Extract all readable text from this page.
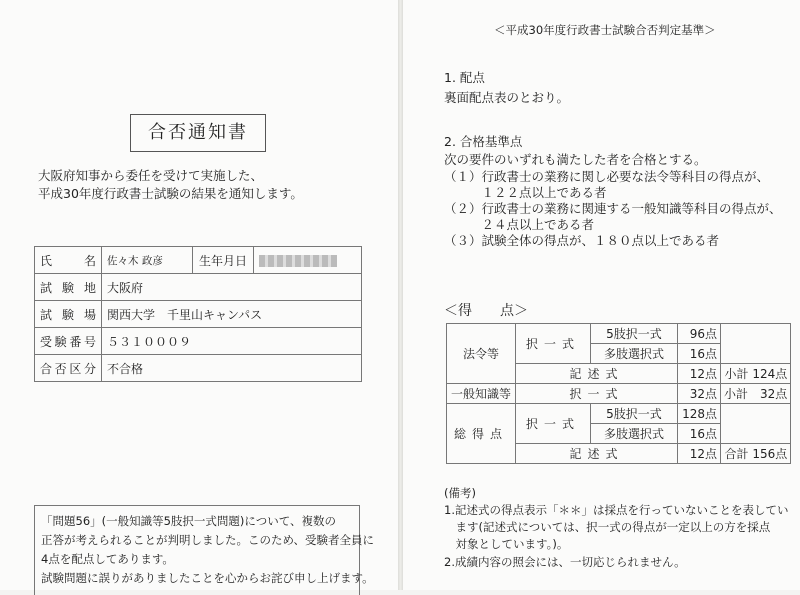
合否通知書
大阪府知事から委任を受けて実施した、
平成30年度行政書士試験の結果を通知します。
氏名	佐々木 政彦	生年月日	
試験地	大阪府		
試験場	関西大学　千里山キャンパス		
受験番号	５３１０００９		
合否区分	不合格		
「問題56」(一般知識等5肢択一式問題)について、複数の
正答が考えられることが判明しました。このため、受験者全員に
4点を配点してあります。
試験問題に誤りがありましたことを心からお詫び申し上げます。
＜平成30年度行政書士試験合否判定基準＞
1. 配点
裏面配点表のとおり。
2. 合格基準点
次の要件のいずれも満たした者を合格とする。
（１）行政書士の業務に関し必要な法令等科目の得点が、
　　　１２２点以上である者
（２）行政書士の業務に関連する一般知識等科目の得点が、
　　　２４点以上である者
（３）試験全体の得点が、１８０点以上である者
＜得　　点＞
法令等	択一式	5肢択一式	96点	
		多肢選択式	16点	
	記述式		12点	小計 124点
一般知識等	択一式		32点	小計　32点
総得点	択一式	5肢択一式	128点	
		多肢選択式	16点	
	記述式		12点	合計 156点
(備考)
1.記述式の得点表示「＊＊」は採点を行っていないことを表してい
　ます(記述式については、択一式の得点が一定以上の方を採点
　対象としています。)。
2.成績内容の照会には、一切応じられません。
